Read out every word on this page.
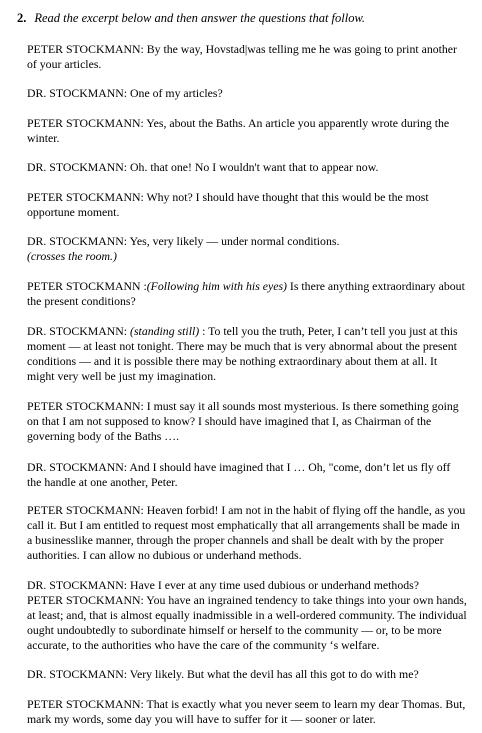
2. Read the excerpt below and then answer the questions that follow.

PETER STOCKMANN: By the way, Hovstad|was telling me he was going to print another of your articles.

DR. STOCKMANN: One of my articles?

PETER STOCKMANN: Yes, about the Baths. An article you apparently wrote during the winter.

DR. STOCKMANN: Oh. that one! No I wouldn't want that to appear now.

PETER STOCKMANN: Why not? I should have thought that this would be the most opportune moment.

DR. STOCKMANN: Yes, very likely — under normal conditions.
(crosses the room.)

PETER STOCKMANN :(Following him with his eyes) Is there anything extraordinary about the present conditions?

DR. STOCKMANN: (standing still) : To tell you the truth, Peter, I can’t tell you just at this moment — at least not tonight. There may be much that is very abnormal about the present conditions — and it is possible there may be nothing extraordinary about them at all. It might very well be just my imagination.

PETER STOCKMANN: I must say it all sounds most mysterious. Is there something going on that I am not supposed to know? I should have imagined that I, as Chairman of the governing body of the Baths ….

DR. STOCKMANN: And I should have imagined that I … Oh, "come, don’t let us fly off the handle at one another, Peter.

PETER STOCKMANN: Heaven forbid! I am not in the habit of flying off the handle, as you call it. But I am entitled to request most emphatically that all arrangements shall be made in a businesslike manner, through the proper channels and shall be dealt with by the proper authorities. I can allow no dubious or underhand methods.

DR. STOCKMANN: Have I ever at any time used dubious or underhand methods?

PETER STOCKMANN: You have an ingrained tendency to take things into your own hands, at least; and, that is almost equally inadmissible in a well-ordered community. The individual ought undoubtedly to subordinate himself or herself to the community — or, to be more accurate, to the authorities who have the care of the community ‘s welfare.

DR. STOCKMANN: Very likely. But what the devil has all this got to do with me?

PETER STOCKMANN: That is exactly what you never seem to learn my dear Thomas. But, mark my words, some day you will have to suffer for it — sooner or later.
